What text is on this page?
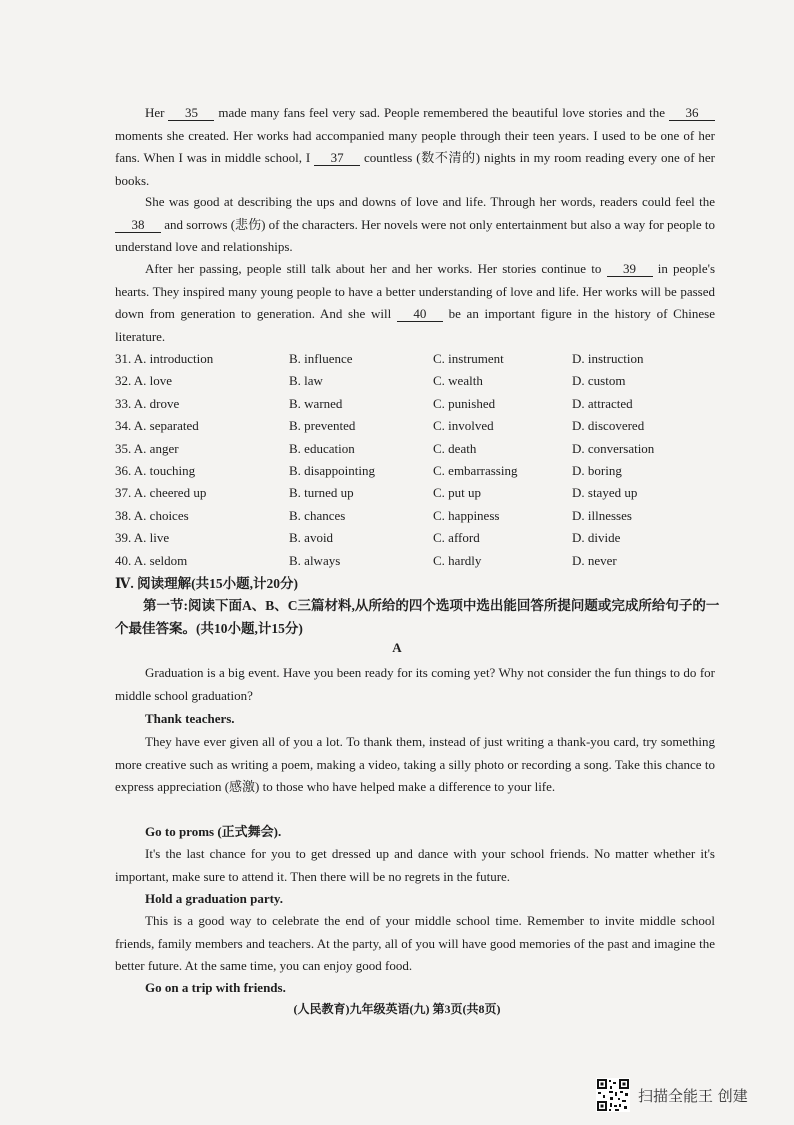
Her 35 made many fans feel very sad. People remembered the beautiful love stories and the 36 moments she created. Her works had accompanied many people through their teen years. I used to be one of her fans. When I was in middle school, I 37 countless (数不清的) nights in my room reading every one of her books.

She was good at describing the ups and downs of love and life. Through her words, readers could feel the 38 and sorrows (悲伤) of the characters. Her novels were not only entertainment but also a way for people to understand love and relationships.

After her passing, people still talk about her and her works. Her stories continue to 39 in people's hearts. They inspired many young people to have a better understanding of love and life. Her works will be passed down from generation to generation. And she will 40 be an important figure in the history of Chinese literature.

31. A. introduction	B. influence	C. instrument	D. instruction
32. A. love	B. law	C. wealth	D. custom
33. A. drove	B. warned	C. punished	D. attracted
34. A. separated	B. prevented	C. involved	D. discovered
35. A. anger	B. education	C. death	D. conversation
36. A. touching	B. disappointing	C. embarrassing	D. boring
37. A. cheered up	B. turned up	C. put up	D. stayed up
38. A. choices	B. chances	C. happiness	D. illnesses
39. A. live	B. avoid	C. afford	D. divide
40. A. seldom	B. always	C. hardly	D. never
Ⅳ. 阅读理解(共15小题,计20分)

第一节:阅读下面A、B、C三篇材料,从所给的四个选项中选出能回答所提问题或完成所给句子的一个最佳答案。(共10小题,计15分)

A

Graduation is a big event. Have you been ready for its coming yet? Why not consider the fun things to do for middle school graduation?

Thank teachers.

They have ever given all of you a lot. To thank them, instead of just writing a thank-you card, try something more creative such as writing a poem, making a video, taking a silly photo or recording a song. Take this chance to express appreciation (感激) to those who have helped make a difference to your life.

Go to proms (正式舞会).

It's the last chance for you to get dressed up and dance with your school friends. No matter whether it's important, make sure to attend it. Then there will be no regrets in the future.

Hold a graduation party.

This is a good way to celebrate the end of your middle school time. Remember to invite middle school friends, family members and teachers. At the party, all of you will have good memories of the past and imagine the better future. At the same time, you can enjoy good food.

Go on a trip with friends.

(人民教育)九年级英语(九) 第3页(共8页)
扫描全能王 创建
